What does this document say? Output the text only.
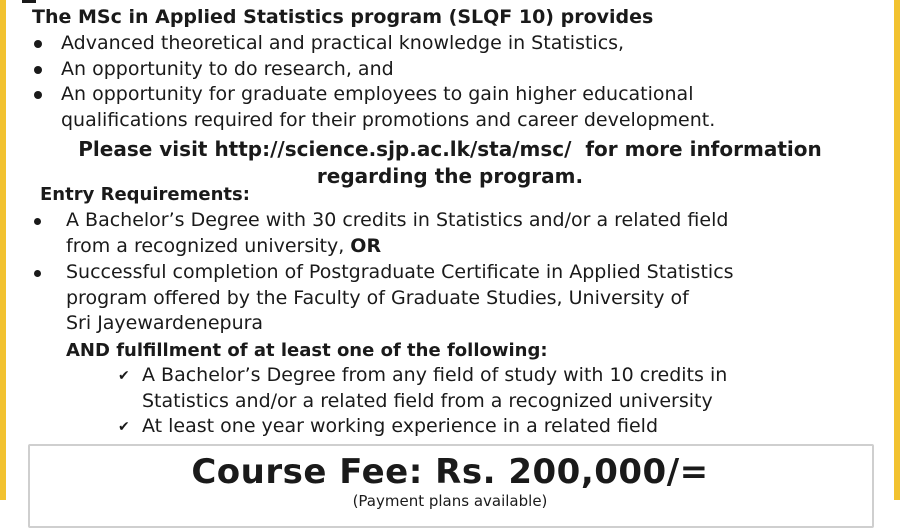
The MSc in Applied Statistics program (SLQF 10) provides
Advanced theoretical and practical knowledge in Statistics,
An opportunity to do research, and
An opportunity for graduate employees to gain higher educational
qualifications required for their promotions and career development.
Please visit http://science.sjp.ac.lk/sta/msc/  for more information
regarding the program.
Entry Requirements:
A Bachelor’s Degree with 30 credits in Statistics and/or a related field
from a recognized university, OR
Successful completion of Postgraduate Certificate in Applied Statistics
program offered by the Faculty of Graduate Studies, University of
Sri Jayewardenepura
AND fulfillment of at least one of the following:
✔ A Bachelor’s Degree from any field of study with 10 credits in
Statistics and/or a related field from a recognized university
✔ At least one year working experience in a related field
Course Fee: Rs. 200,000/=
(Payment plans available)
